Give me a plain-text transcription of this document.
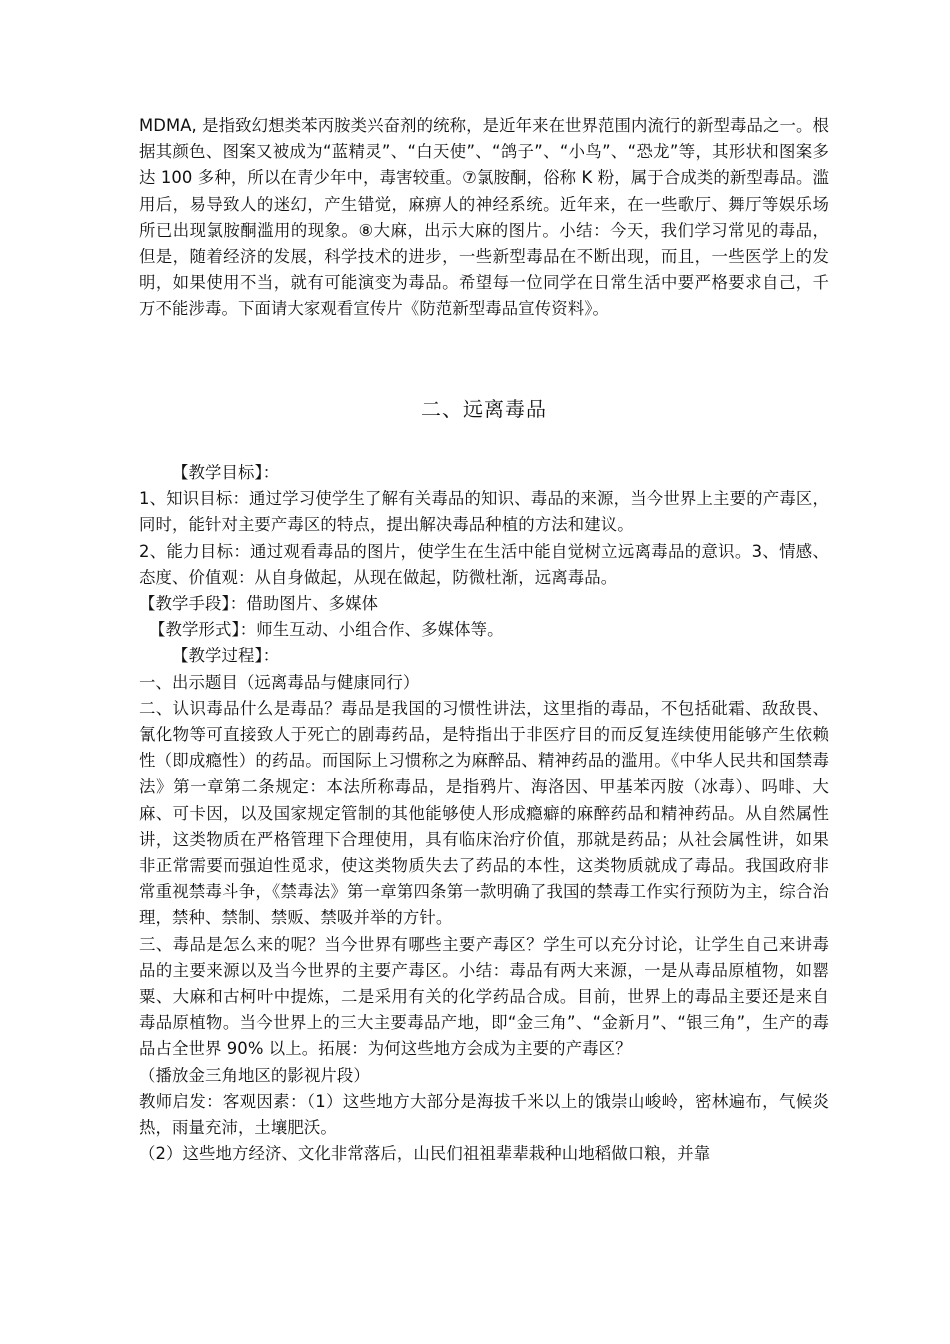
MDMA, 是指致幻想类苯丙胺类兴奋剂的统称，是近年来在世界范围内流行的新型毒品之一。根据其颜色、图案又被成为“蓝精灵”、“白天使”、“鸽子”、“小鸟”、“恐龙”等，其形状和图案多达 100 多种，所以在青少年中，毒害较重。⑦氯胺酮，俗称 K 粉，属于合成类的新型毒品。滥用后，易导致人的迷幻，产生错觉，麻痹人的神经系统。近年来，在一些歌厅、舞厅等娱乐场所已出现氯胺酮滥用的现象。⑧大麻，出示大麻的图片。小结：今天，我们学习常见的毒品，但是，随着经济的发展，科学技术的进步，一些新型毒品在不断出现，而且，一些医学上的发明，如果使用不当，就有可能演变为毒品。希望每一位同学在日常生活中要严格要求自己，千万不能涉毒。下面请大家观看宣传片《防范新型毒品宣传资料》。

二、远离毒品

【教学目标】：

1、知识目标：通过学习使学生了解有关毒品的知识、毒品的来源，当今世界上主要的产毒区，同时，能针对主要产毒区的特点，提出解决毒品种植的方法和建议。

2、能力目标：通过观看毒品的图片，使学生在生活中能自觉树立远离毒品的意识。3、情感、态度、价值观：从自身做起，从现在做起，防微杜渐，远离毒品。

【教学手段】：借助图片、多媒体

【教学形式】：师生互动、小组合作、多媒体等。

【教学过程】：

一、出示题目（远离毒品与健康同行）

二、认识毒品什么是毒品？毒品是我国的习惯性讲法，这里指的毒品，不包括砒霜、敌敌畏、氰化物等可直接致人于死亡的剧毒药品，是特指出于非医疗目的而反复连续使用能够产生依赖性（即成瘾性）的药品。而国际上习惯称之为麻醉品、精神药品的滥用。《中华人民共和国禁毒法》第一章第二条规定：本法所称毒品，是指鸦片、海洛因、甲基苯丙胺（冰毒）、吗啡、大麻、可卡因，以及国家规定管制的其他能够使人形成瘾癖的麻醉药品和精神药品。从自然属性讲，这类物质在严格管理下合理使用，具有临床治疗价值，那就是药品；从社会属性讲，如果非正常需要而强迫性觅求，使这类物质失去了药品的本性，这类物质就成了毒品。我国政府非常重视禁毒斗争，《禁毒法》第一章第四条第一款明确了我国的禁毒工作实行预防为主，综合治理，禁种、禁制、禁贩、禁吸并举的方针。

三、毒品是怎么来的呢？当今世界有哪些主要产毒区？学生可以充分讨论，让学生自己来讲毒品的主要来源以及当今世界的主要产毒区。小结：毒品有两大来源，一是从毒品原植物，如罂粟、大麻和古柯叶中提炼，二是采用有关的化学药品合成。目前，世界上的毒品主要还是来自毒品原植物。当今世界上的三大主要毒品产地，即“金三角”、“金新月”、“银三角”，生产的毒品占全世界 90% 以上。拓展：为何这些地方会成为主要的产毒区？

（播放金三角地区的影视片段）

教师启发：客观因素：（1）这些地方大部分是海拔千米以上的饿崇山峻岭，密林遍布，气候炎热，雨量充沛，土壤肥沃。

（2）这些地方经济、文化非常落后，山民们祖祖辈辈栽种山地稻做口粮，并靠
